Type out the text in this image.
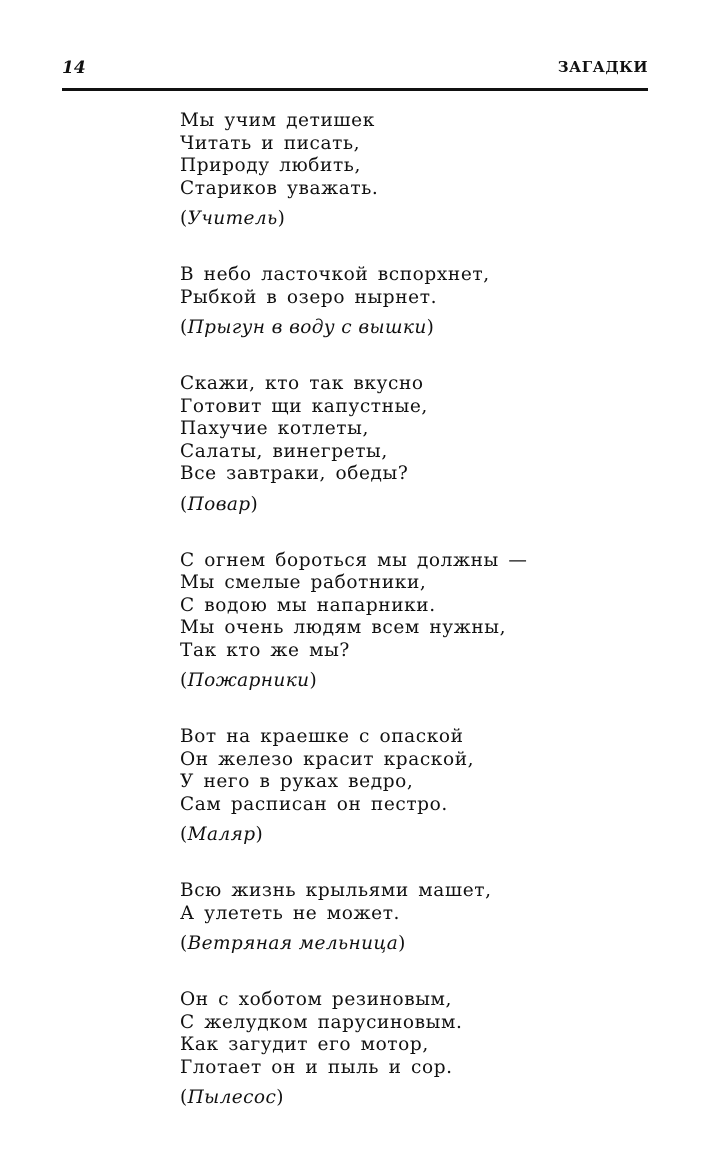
14	ЗАГАДКИ
Мы учим детишек
Читать и писать,
Природу любить,
Стариков уважать.
(Учитель)
В небо ласточкой вспорхнет,
Рыбкой в озеро нырнет.
(Прыгун в воду с вышки)
Скажи, кто так вкусно
Готовит щи капустные,
Пахучие котлеты,
Салаты, винегреты,
Все завтраки, обеды?
(Повар)
С огнем бороться мы должны —
Мы смелые работники,
С водою мы напарники.
Мы очень людям всем нужны,
Так кто же мы?
(Пожарники)
Вот на краешке с опаской
Он железо красит краской,
У него в руках ведро,
Сам расписан он пестро.
(Маляр)
Всю жизнь крыльями машет,
А улететь не может.
(Ветряная мельница)
Он с хоботом резиновым,
С желудком парусиновым.
Как загудит его мотор,
Глотает он и пыль и сор.
(Пылесос)
